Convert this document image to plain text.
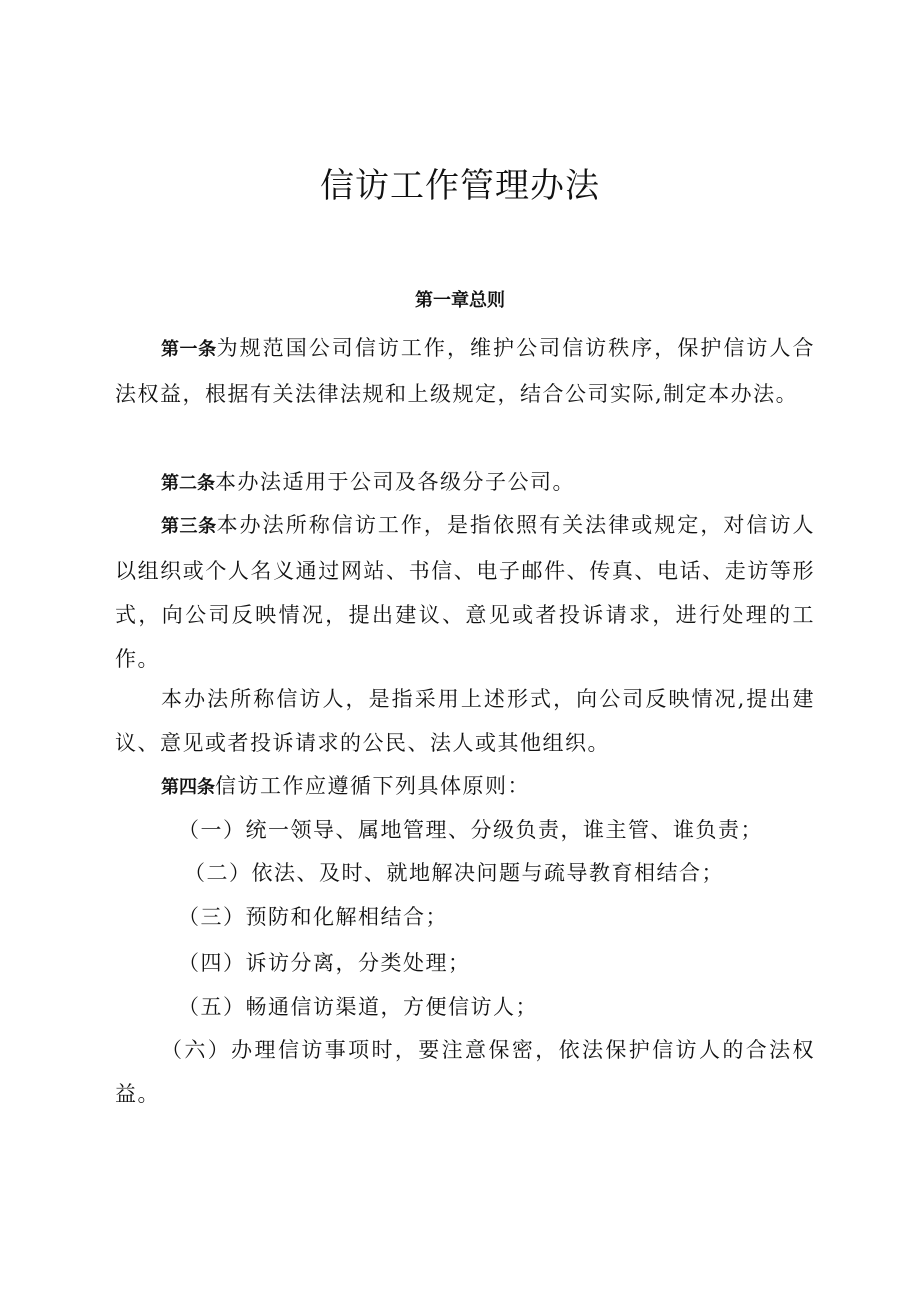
信访工作管理办法
第一章总则

第一条为规范国公司信访工作，维护公司信访秩序，保护信访人合法权益，根据有关法律法规和上级规定，结合公司实际,制定本办法。

第二条本办法适用于公司及各级分子公司。

第三条本办法所称信访工作，是指依照有关法律或规定，对信访人以组织或个人名义通过网站、书信、电子邮件、传真、电话、走访等形式，向公司反映情况，提出建议、意见或者投诉请求，进行处理的工作。

本办法所称信访人，是指采用上述形式，向公司反映情况,提出建议、意见或者投诉请求的公民、法人或其他组织。

第四条信访工作应遵循下列具体原则：

（一）统一领导、属地管理、分级负责，谁主管、谁负责；

（二）依法、及时、就地解决问题与疏导教育相结合；

（三）预防和化解相结合；

（四）诉访分离，分类处理；

（五）畅通信访渠道，方便信访人；

（六）办理信访事项时，要注意保密，依法保护信访人的合法权益。
